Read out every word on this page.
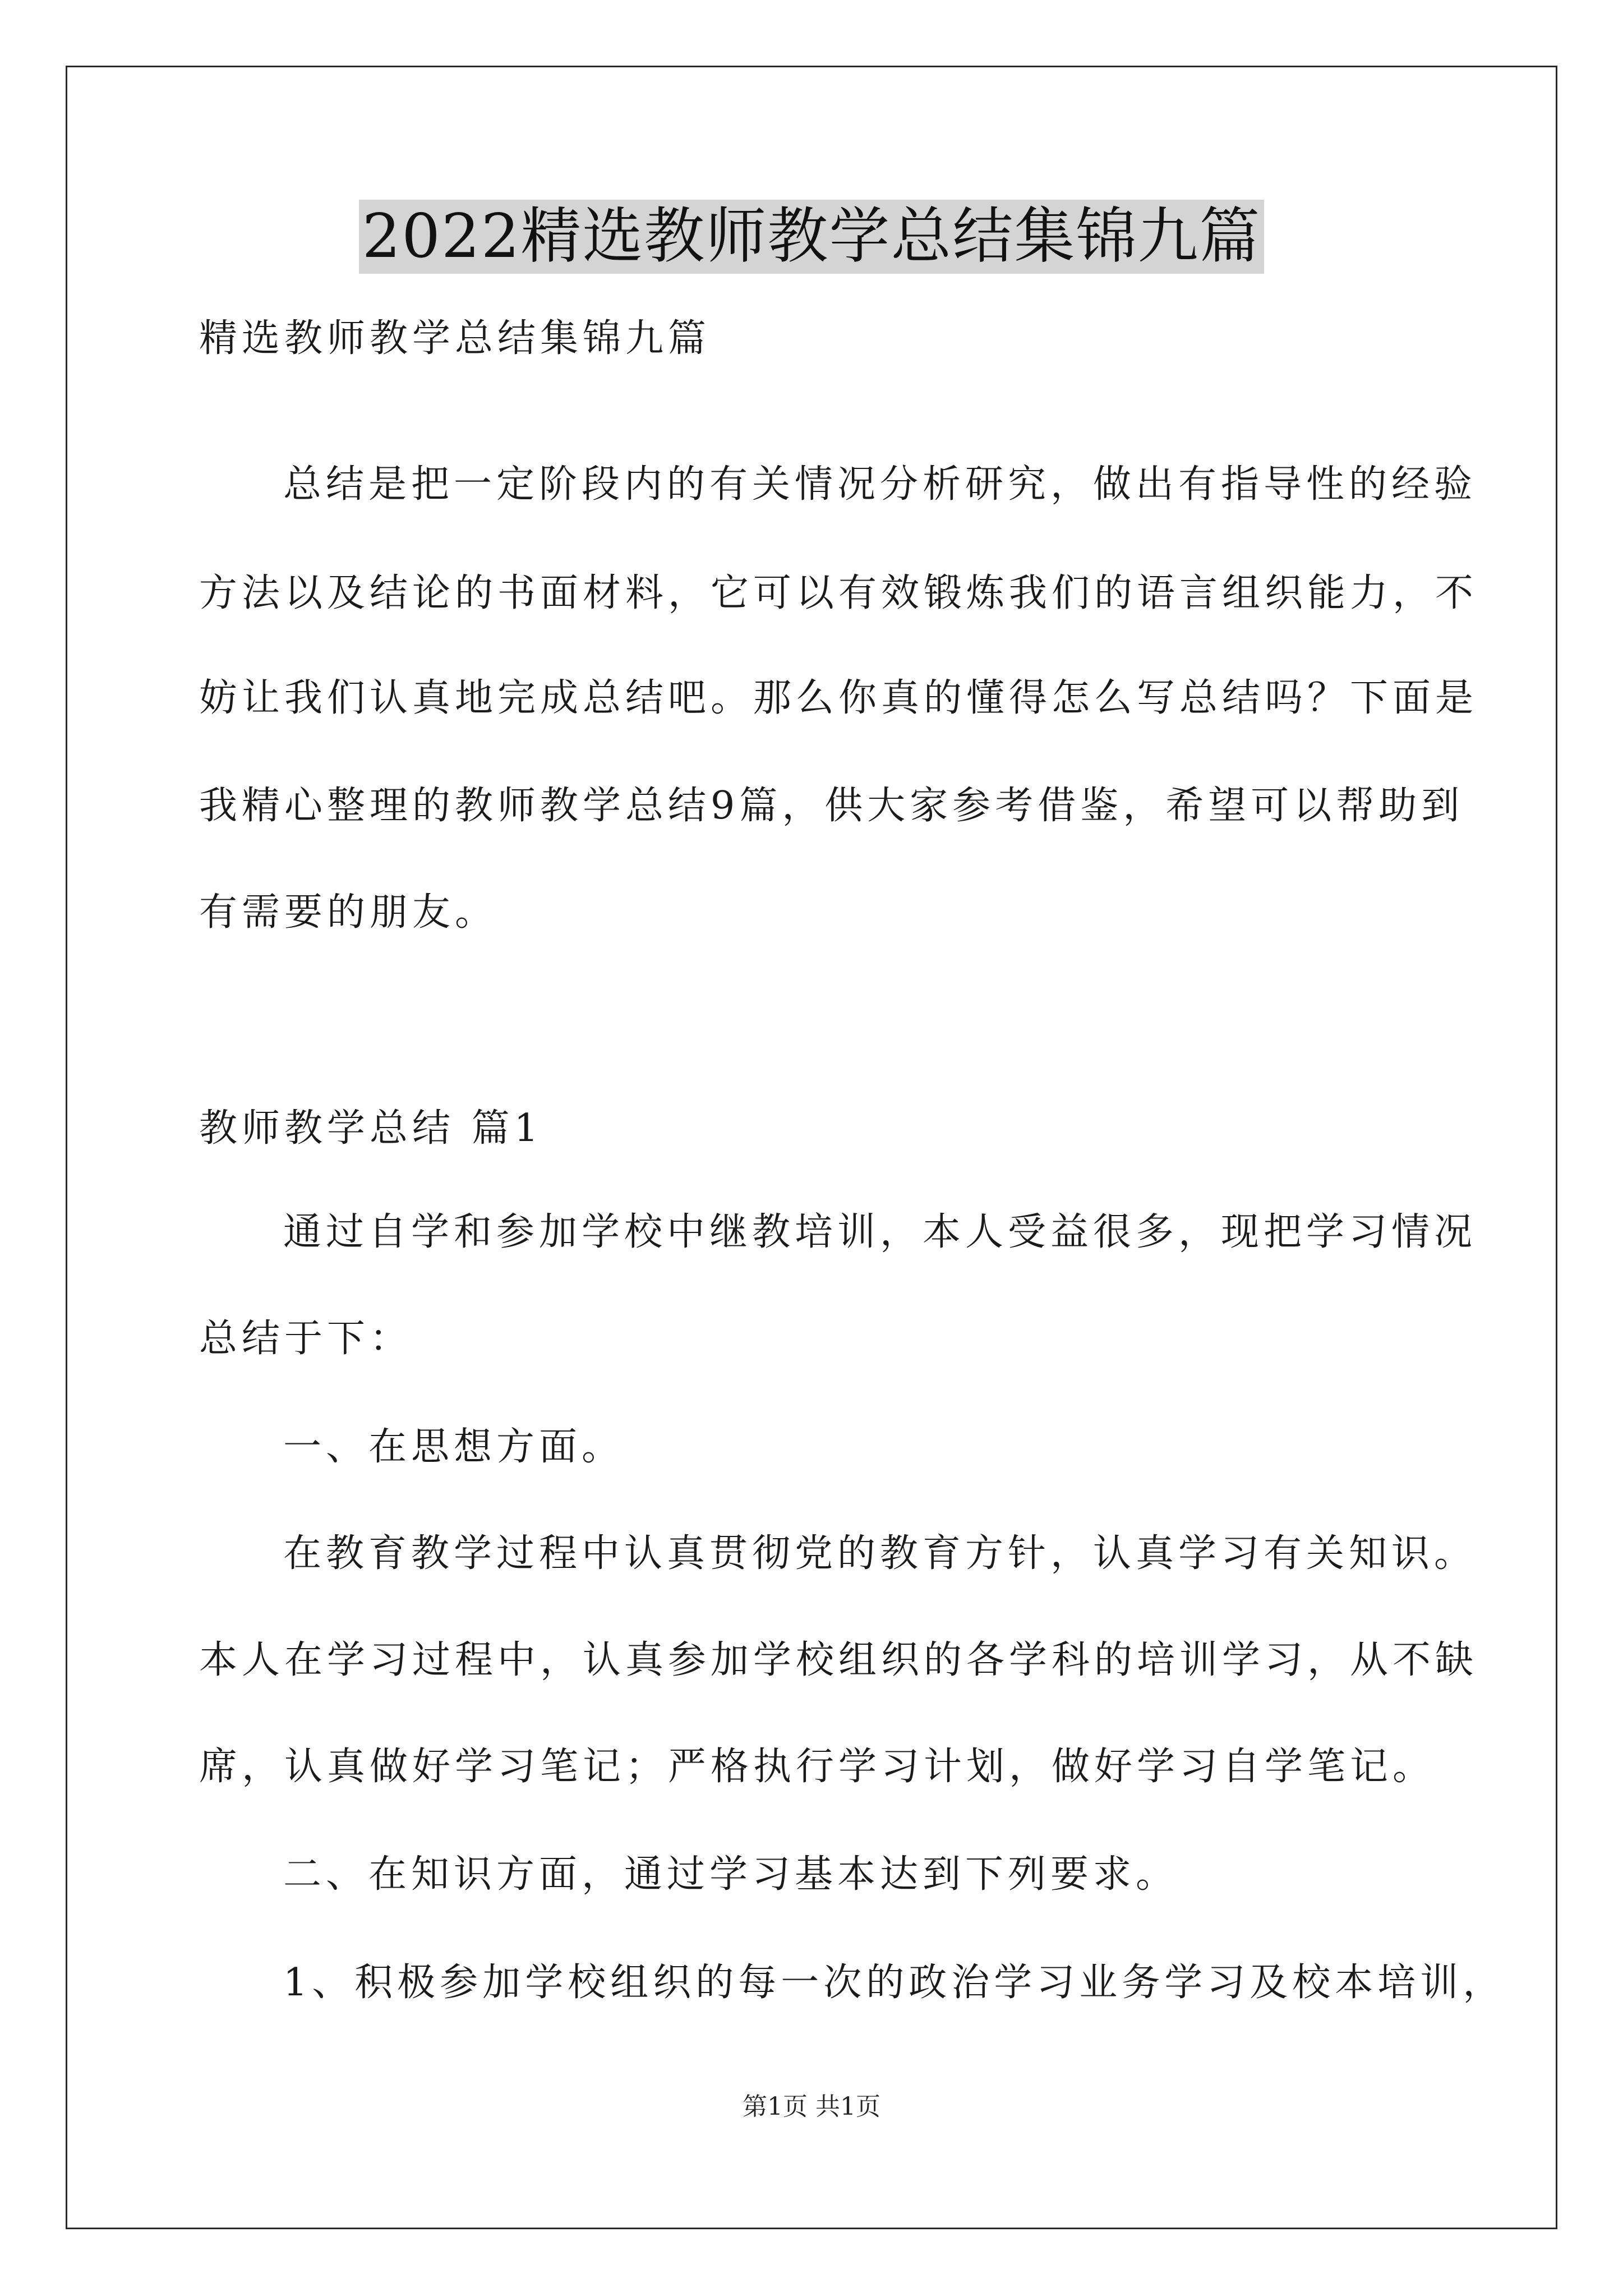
2022精选教师教学总结集锦九篇
精选教师教学总结集锦九篇
总结是把一定阶段内的有关情况分析研究，做出有指导性的经验
方法以及结论的书面材料，它可以有效锻炼我们的语言组织能力，不
妨让我们认真地完成总结吧。那么你真的懂得怎么写总结吗？下面是
我精心整理的教师教学总结9篇，供大家参考借鉴，希望可以帮助到
有需要的朋友。
教师教学总结 篇1
通过自学和参加学校中继教培训，本人受益很多，现把学习情况
总结于下：
一、在思想方面。
在教育教学过程中认真贯彻党的教育方针，认真学习有关知识。
本人在学习过程中，认真参加学校组织的各学科的培训学习，从不缺
席，认真做好学习笔记；严格执行学习计划，做好学习自学笔记。
二、在知识方面，通过学习基本达到下列要求。
1、积极参加学校组织的每一次的政治学习业务学习及校本培训，
第1页 共1页
